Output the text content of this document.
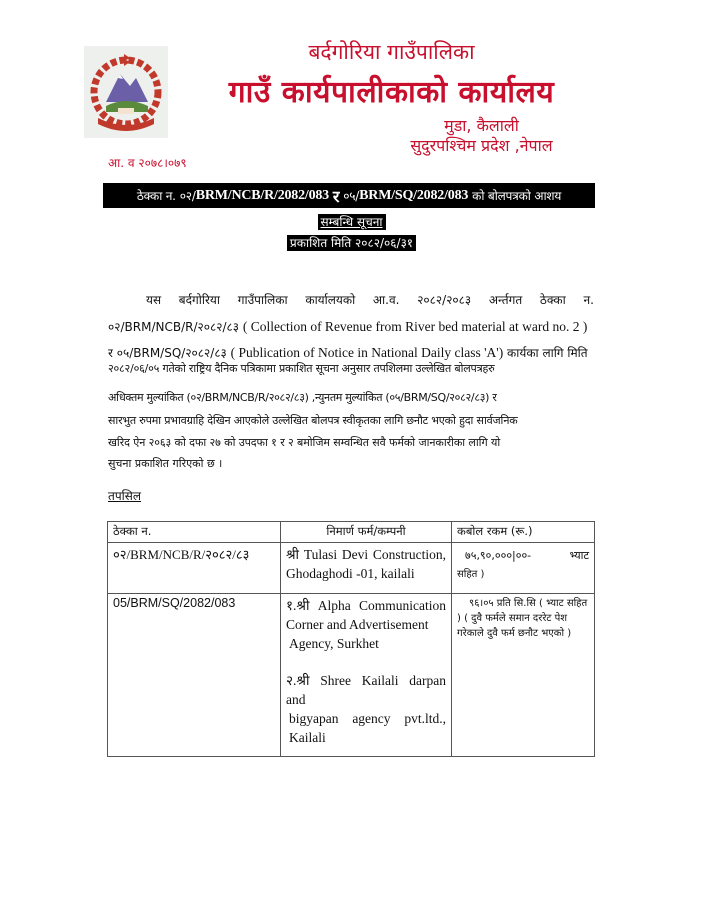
बर्दगोरिया गाउँपालिका
गाउँ कार्यपालीकाको कार्यालय
मुडा, कैलाली
सुदुरपश्चिम प्रदेश ,नेपाल
आ. व २०७८।०७९
ठेक्का न.
०२/ BRM/NCB/R/2082/083
र
०५/ BRM/SQ/2082/083
को बोलपत्रको आशय
सम्बन्धि सूचना
प्रकाशित मिति २०८२/०६/३१
यस बर्दगोरिया गाउँपालिका कार्यालयको आ.व. २०८२/२०८३ अर्न्तगत ठेक्का न.
०२/BRM/NCB/R/२०८२/८३ ( Collection of Revenue from River bed material at ward no. 2 )
र ०५/BRM/SQ/२०८२/८३ ( Publication of Notice in National Daily class 'A') कार्यका लागि मिति
२०८२/०६/०५ गतेको राष्ट्रिय दैनिक पत्रिकामा प्रकाशित सूचना अनुसार तपशिलमा उल्लेखित बोलपत्रहरु
अधिक्तम मुल्यांकित (०२/BRM/NCB/R/२०८२/८३) ,न्युनतम मुल्यांकित (०५/BRM/SQ/२०८२/८३) र
सारभुत रुपमा प्रभावग्राहि देखिन आएकोले उल्लेखित बोलपत्र स्वीकृतका लागि छनौट भएको हुदा सार्वजनिक
खरिद ऐन २०६३ को दफा २७ को उपदफा १ र २ बमोजिम सम्वन्धित सवै फर्मको जानकारीका लागि यो
सुचना प्रकाशित गरिएको छ ।
तपसिल
ठेक्का न.	निमार्ण फर्म/कम्पनी	कबोल रकम (रू.)
०२/BRM/NCB/R/२०८२/८३	श्री Tulasi Devi Construction, Ghodaghodi -01, kailali	७५,९०,०००|००- भ्याट
सहित )

05/BRM/SQ/2082/083	१.श्री Alpha Communication Corner and Advertisement
Agency, Surkhet
२.श्री Shree Kailali darpan and
bigyapan agency pvt.ltd., Kailali	९६।०५ प्रति सि.सि ( भ्याट सहित ) ( दुवै फर्मले समान दररेट पेश गरेकाले दुवै फर्म छनौट भएको )
